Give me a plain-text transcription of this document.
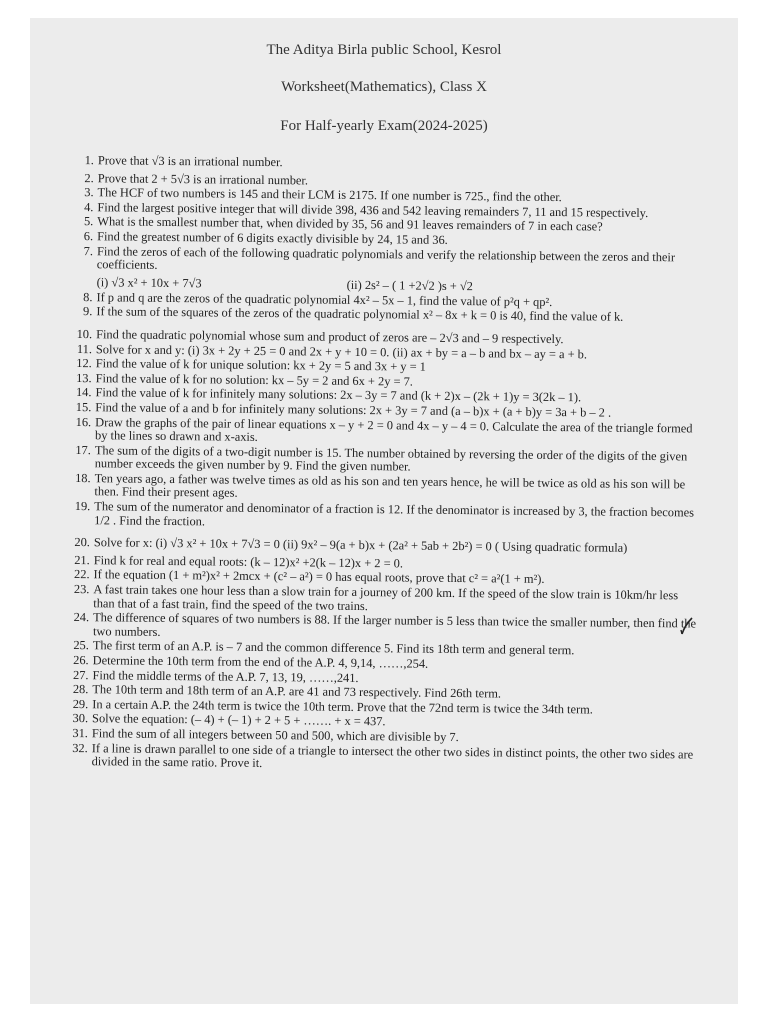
The Aditya Birla public School, Kesrol
Worksheet(Mathematics), Class X
For Half-yearly Exam(2024-2025)
1. Prove that √3 is an irrational number.
2. Prove that 2 + 5√3 is an irrational number.
3. The HCF of two numbers is 145 and their LCM is 2175. If one number is 725., find the other.
4. Find the largest positive integer that will divide 398, 436 and 542 leaving remainders 7, 11 and 15 respectively.
5. What is the smallest number that, when divided by 35, 56 and 91 leaves remainders of 7 in each case?
6. Find the greatest number of 6 digits exactly divisible by 24, 15 and 36.
7. Find the zeros of each of the following quadratic polynomials and verify the relationship between the zeros and their coefficients.
(i) √3 x² + 10x + 7√3	(ii) 2s² – ( 1 +2√2 )s + √2
8. If p and q are the zeros of the quadratic polynomial 4x² – 5x – 1, find the value of p²q + qp².
9. If the sum of the squares of the zeros of the quadratic polynomial x² – 8x + k = 0 is 40, find the value of k.
10. Find the quadratic polynomial whose sum and product of zeros are – 2√3 and – 9 respectively.
11. Solve for x and y: (i) 3x + 2y + 25 = 0 and 2x + y + 10 = 0. (ii) ax + by = a – b and bx – ay = a + b.
12. Find the value of k for unique solution: kx + 2y = 5 and 3x + y = 1
13. Find the value of k for no solution: kx – 5y = 2 and 6x + 2y = 7.
14. Find the value of k for infinitely many solutions: 2x – 3y = 7 and (k + 2)x – (2k + 1)y = 3(2k – 1).
15. Find the value of a and b for infinitely many solutions: 2x + 3y = 7 and (a – b)x + (a + b)y = 3a + b – 2 .
16. Draw the graphs of the pair of linear equations x – y + 2 = 0 and 4x – y – 4 = 0. Calculate the area of the triangle formed by the lines so drawn and x-axis.
17. The sum of the digits of a two-digit number is 15. The number obtained by reversing the order of the digits of the given number exceeds the given number by 9. Find the given number.
18. Ten years ago, a father was twelve times as old as his son and ten years hence, he will be twice as old as his son will be then. Find their present ages.
19. The sum of the numerator and denominator of a fraction is 12. If the denominator is increased by 3, the fraction becomes 1/2 . Find the fraction.
20. Solve for x: (i) √3 x² + 10x + 7√3 = 0 (ii) 9x² – 9(a + b)x + (2a² + 5ab + 2b²) = 0 ( Using quadratic formula)
21. Find k for real and equal roots: (k – 12)x² +2(k – 12)x + 2 = 0.
22. If the equation (1 + m²)x² + 2mcx + (c² – a²) = 0 has equal roots, prove that c² = a²(1 + m²).
23. A fast train takes one hour less than a slow train for a journey of 200 km. If the speed of the slow train is 10km/hr less than that of a fast train, find the speed of the two trains.
24. The difference of squares of two numbers is 88. If the larger number is 5 less than twice the smaller number, then find the two numbers.
25. The first term of an A.P. is – 7 and the common difference 5. Find its 18th term and general term.
26. Determine the 10th term from the end of the A.P. 4, 9,14, ……,254.
27. Find the middle terms of the A.P. 7, 13, 19, ……,241.
28. The 10th term and 18th term of an A.P. are 41 and 73 respectively. Find 26th term.
29. In a certain A.P. the 24th term is twice the 10th term. Prove that the 72nd term is twice the 34th term.
30. Solve the equation: (– 4) + (– 1) + 2 + 5 + ……. + x = 437.
31. Find the sum of all integers between 50 and 500, which are divisible by 7.
32. If a line is drawn parallel to one side of a triangle to intersect the other two sides in distinct points, the other two sides are divided in the same ratio. Prove it.
